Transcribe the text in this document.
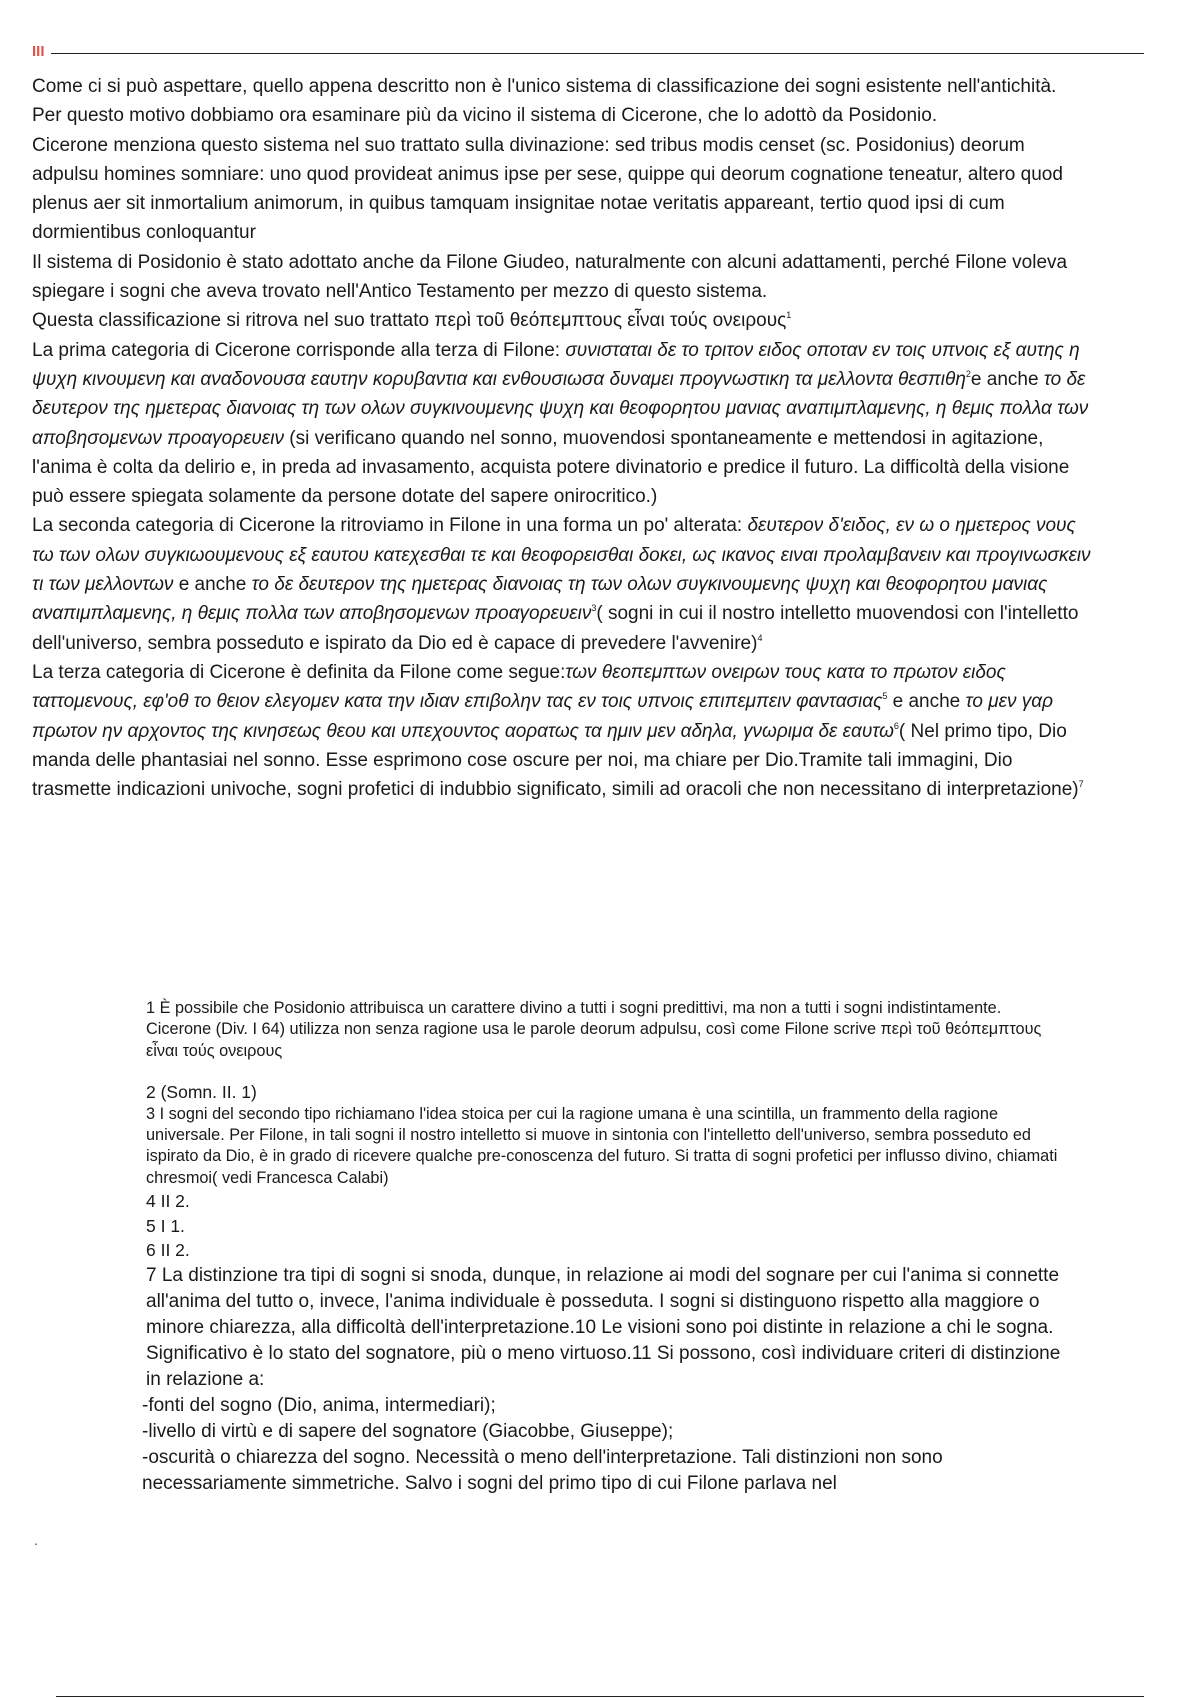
III

Come ci si può aspettare, quello appena descritto non è l'unico sistema di classificazione dei sogni esistente nell'antichità.

Per questo motivo dobbiamo ora esaminare più da vicino il sistema di Cicerone, che lo adottò da Posidonio.

Cicerone menziona questo sistema nel suo trattato sulla divinazione: sed tribus modis censet (sc. Posidonius) deorum adpulsu homines somniare: uno quod provideat animus ipse per sese, quippe qui deorum cognatione teneatur, altero quod plenus aer sit inmortalium animorum, in quibus tamquam insignitae notae veritatis appareant, tertio quod ipsi di cum dormientibus conloquantur

Il sistema di Posidonio è stato adottato anche da Filone Giudeo, naturalmente con alcuni adattamenti, perché Filone voleva spiegare i sogni che aveva trovato nell'Antico Testamento per mezzo di questo sistema.

Questa classificazione si ritrova nel suo trattato περὶ τοῦ θεόπεμπτους εἶναι τούς ονειρους$^1$

La prima categoria di Cicerone corrisponde alla terza di Filone: συνισταται δε το τριτον ειδος οποταν εν τοις υπνοις εξ αυτης η ψυχη κινουμενη και αναδονουσα εαυτην κορυβαντια και ενθουσιωσα δυναμει προγνωστικη τα μελλοντα θεσπιθη$^2$e anche το δε δευτερον της ημετερας διανοιας τη των ολων συγκινουμενης ψυχη και θεοφορητου μανιας αναπιμπλαμενης, η θεμις πολλα των αποβησομενων προαγορευειν (si verificano quando nel sonno, muovendosi spontaneamente e mettendosi in agitazione, l'anima è colta da delirio e, in preda ad invasamento, acquista potere divinatorio e predice il futuro. La difficoltà della visione può essere spiegata solamente da persone dotate del sapere onirocritico.)

La seconda categoria di Cicerone la ritroviamo in Filone in una forma un po' alterata: δευτερον δ'ειδος, εν ω ο ημετερος νους τω των ολων συγκιωουμενους εξ εαυτου κατεχεσθαι τε και θεοφορεισθαι δοκει, ως ικανος ειναι προλαμβανειν και προγινωσκειν τι των μελλοντων e anche το δε δευτερον της ημετερας διανοιας τη των ολων συγκινουμενης ψυχη και θεοφορητου μανιας αναπιμπλαμενης, η θεμις πολλα των αποβησομενων προαγορευειν$^3$( sogni in cui il nostro intelletto muovendosi con l'intelletto dell'universo, sembra posseduto e ispirato da Dio ed è capace di prevedere l'avvenire)$^4$

La terza categoria di Cicerone è definita da Filone come segue:των θεοπεμπτων ονειρων τους κατα το πρωτον ειδος ταττομενους, εφ'οθ το θειον ελεγομεν κατα την ιδιαν επιβολην τας εν τοις υπνοις επιπεμπειν φαντασιας$^5$ e anche το μεν γαρ πρωτον ην αρχοντος της κινησεως θεου και υπεχουντος αορατως τα ημιν μεν αδηλα, γνωριμα δε εαυτω$^6$( Nel primo tipo, Dio manda delle phantasiai nel sonno. Esse esprimono cose oscure per noi, ma chiare per Dio.Tramite tali immagini, Dio trasmette indicazioni univoche, sogni profetici di indubbio significato, simili ad oracoli che non necessitano di interpretazione)$^7$

1 È possibile che Posidonio attribuisca un carattere divino a tutti i sogni predittivi, ma non a tutti i sogni indistintamente. Cicerone (Div. I 64) utilizza non senza ragione usa le parole deorum adpulsu, così come Filone scrive περὶ τοῦ θεόπεμπτους εἶναι τούς ονειρους

2 (Somn. II. 1)

3 I sogni del secondo tipo richiamano l'idea stoica per cui la ragione umana è una scintilla, un frammento della ragione universale. Per Filone, in tali sogni il nostro intelletto si muove in sintonia con l'intelletto dell'universo, sembra posseduto ed ispirato da Dio, è in grado di ricevere qualche pre-conoscenza del futuro. Si tratta di sogni profetici per influsso divino, chiamati chresmoi( vedi Francesca Calabi)

4 II 2.

5 I 1.

6 II 2.

7 La distinzione tra tipi di sogni si snoda, dunque, in relazione ai modi del sognare per cui l'anima si connette all'anima del tutto o, invece, l'anima individuale è posseduta. I sogni si distinguono rispetto alla maggiore o minore chiarezza, alla difficoltà dell'interpretazione.10 Le visioni sono poi distinte in relazione a chi le sogna. Significativo è lo stato del sognatore, più o meno virtuoso.11 Si possono, così individuare criteri di distinzione in relazione a:

-fonti del sogno (Dio, anima, intermediari);

-livello di virtù e di sapere del sognatore (Giacobbe, Giuseppe);

-oscurità o chiarezza del sogno. Necessità o meno dell'interpretazione. Tali distinzioni non sono necessariamente simmetriche. Salvo i sogni del primo tipo di cui Filone parlava nel

.
